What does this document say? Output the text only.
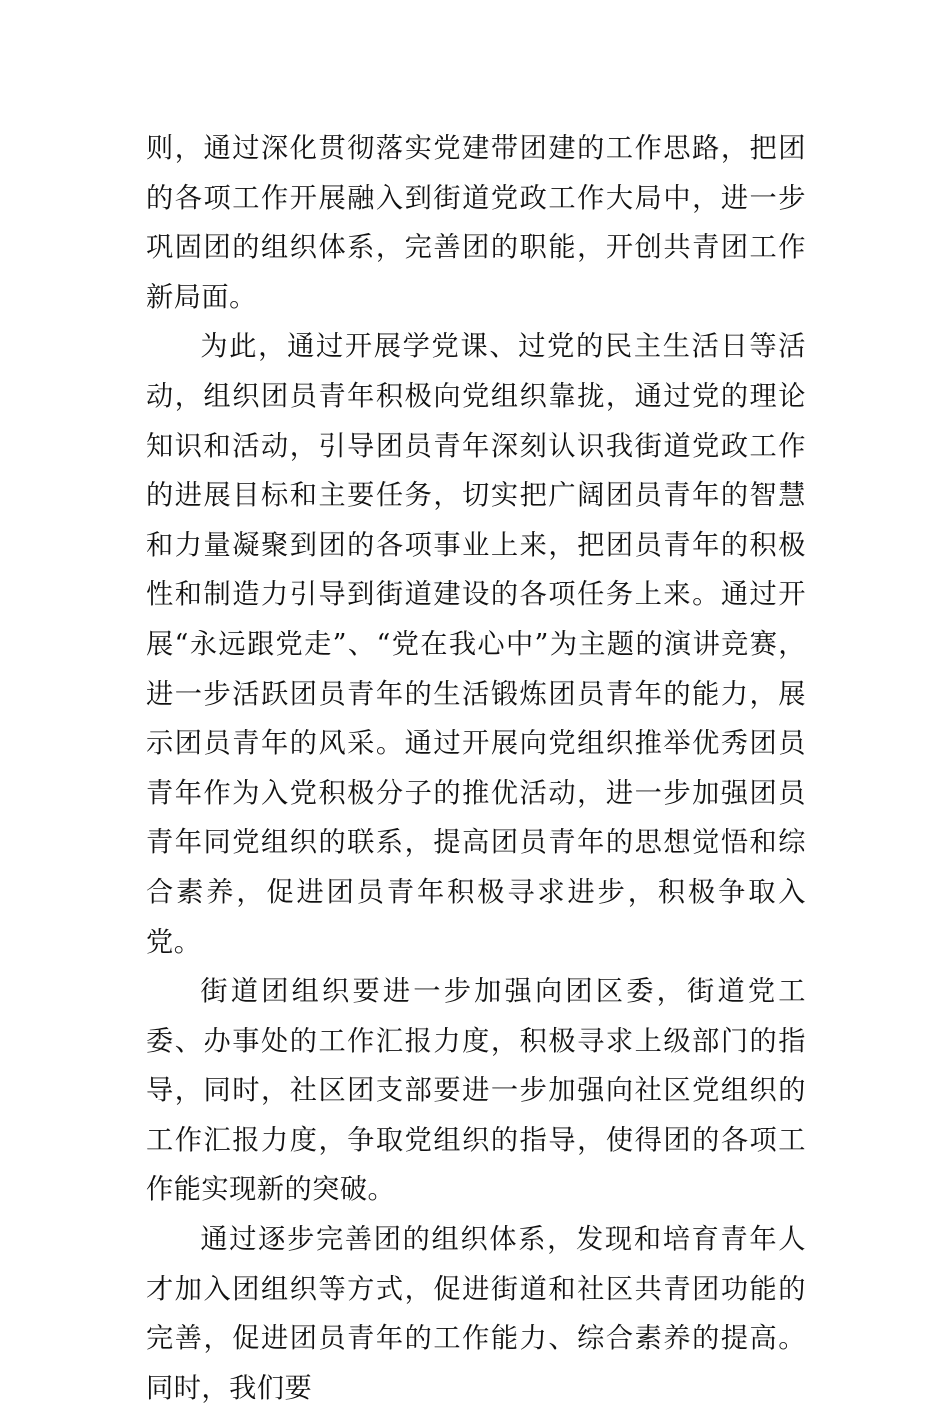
则，通过深化贯彻落实党建带团建的工作思路，把团的各项工作开展融入到街道党政工作大局中，进一步巩固团的组织体系，完善团的职能，开创共青团工作新局面。

为此，通过开展学党课、过党的民主生活日等活动，组织团员青年积极向党组织靠拢，通过党的理论知识和活动，引导团员青年深刻认识我街道党政工作的进展目标和主要任务，切实把广阔团员青年的智慧和力量凝聚到团的各项事业上来，把团员青年的积极性和制造力引导到街道建设的各项任务上来。通过开展“永远跟党走”、“党在我心中”为主题的演讲竞赛，进一步活跃团员青年的生活锻炼团员青年的能力，展示团员青年的风采。通过开展向党组织推举优秀团员青年作为入党积极分子的推优活动，进一步加强团员青年同党组织的联系，提高团员青年的思想觉悟和综合素养，促进团员青年积极寻求进步，积极争取入党。

街道团组织要进一步加强向团区委，街道党工委、办事处的工作汇报力度，积极寻求上级部门的指导，同时，社区团支部要进一步加强向社区党组织的工作汇报力度，争取党组织的指导，使得团的各项工作能实现新的突破。

通过逐步完善团的组织体系，发现和培育青年人才加入团组织等方式，促进街道和社区共青团功能的完善，促进团员青年的工作能力、综合素养的提高。同时，我们要
